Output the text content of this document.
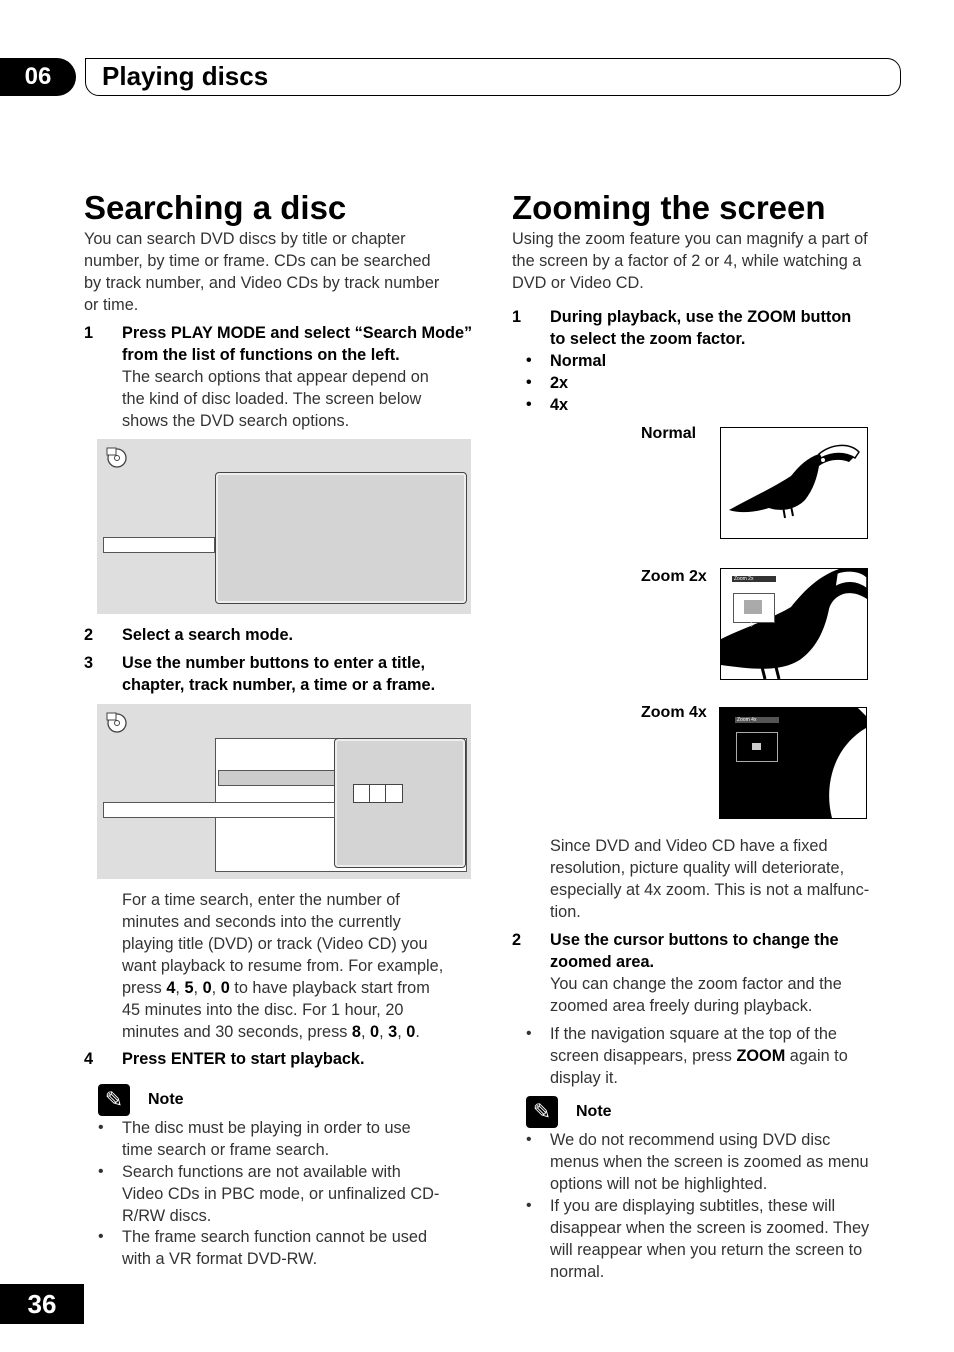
06	Playing discs
Searching a disc
You can search DVD discs by title or chapter
number, by time or frame. CDs can be searched
by track number, and Video CDs by track number
or time.
1 Press PLAY MODE and select “Search Mode”
from the list of functions on the left.
The search options that appear depend on
the kind of disc loaded. The screen below
shows the DVD search options.
2 Select a search mode.
3 Use the number buttons to enter a title,
chapter, track number, a time or a frame.
For a time search, enter the number of
minutes and seconds into the currently
playing title (DVD) or track (Video CD) you
want playback to resume from. For example,
press 4, 5, 0, 0 to have playback start from
45 minutes into the disc. For 1 hour, 20
minutes and 30 seconds, press 8, 0, 3, 0.
4 Press ENTER to start playback.
✎	Note
• The disc must be playing in order to use
time search or frame search.
• Search functions are not available with
Video CDs in PBC mode, or unfinalized CD-
R/RW discs.
• The frame search function cannot be used
with a VR format DVD-RW.
Zooming the screen
Using the zoom feature you can magnify a part of
the screen by a factor of 2 or 4, while watching a
DVD or Video CD.
1 During playback, use the ZOOM button
to select the zoom factor.
• Normal
• 2x
• 4x
Normal
Zoom 2x	Zoom 2x
◇
◇
◇	◇
Zoom 4x	Zoom 4x
Since DVD and Video CD have a fixed
resolution, picture quality will deteriorate,
especially at 4x zoom. This is not a malfunc-
tion.
2 Use the cursor buttons to change the
zoomed area.
You can change the zoom factor and the
zoomed area freely during playback.
• If the navigation square at the top of the
screen disappears, press ZOOM again to
display it.
✎	Note
• We do not recommend using DVD disc
menus when the screen is zoomed as menu
options will not be highlighted.
• If you are displaying subtitles, these will
disappear when the screen is zoomed. They
will reappear when you return the screen to
normal.
36
